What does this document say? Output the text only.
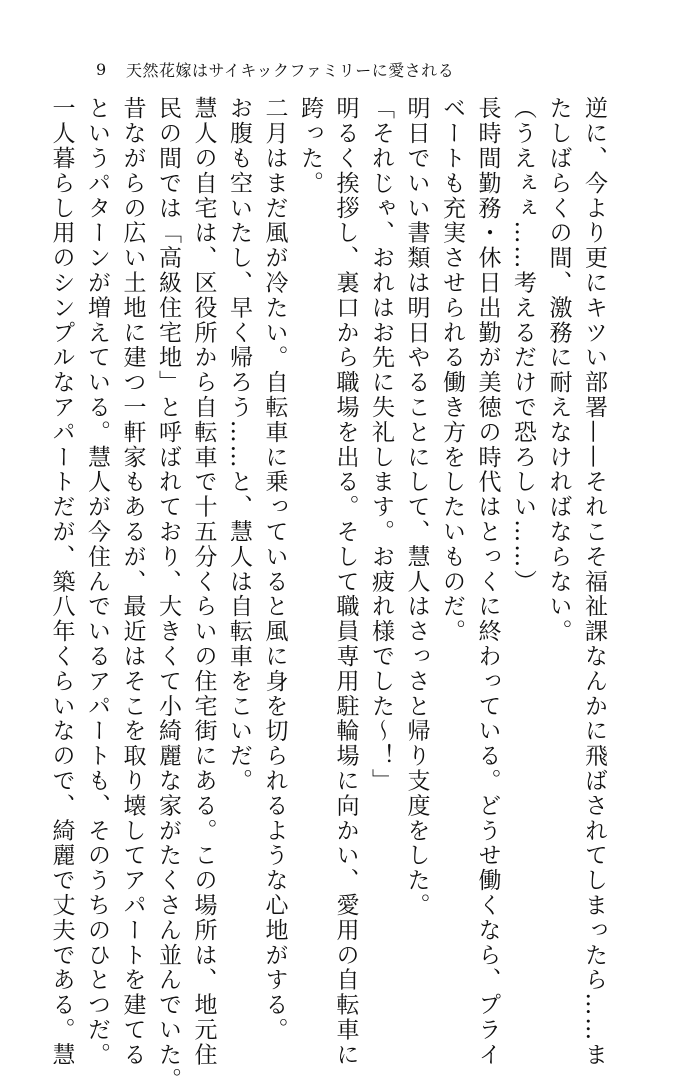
9	天然花嫁はサイキックファミリーに愛される

逆に、今より更にキツい部署——それこそ福祉課なんかに飛ばされてしまったら……ま

たしばらくの間、激務に耐えなければならない。

（うえぇぇ……考えるだけで恐ろしい……）

長時間勤務・休日出勤が美徳の時代はとっくに終わっている。どうせ働くなら、プライ

ベートも充実させられる働き方をしたいものだ。

明日でいい書類は明日やることにして、慧人はさっさと帰り支度をした。

「それじゃ、おれはお先に失礼します。お疲れ様でした～！」

明るく挨拶し、裏口から職場を出る。そして職員専用駐輪場に向かい、愛用の自転車に

跨った。

二月はまだ風が冷たい。自転車に乗っていると風に身を切られるような心地がする。

お腹も空いたし、早く帰ろう……と、慧人は自転車をこいだ。

慧人の自宅は、区役所から自転車で十五分くらいの住宅街にある。この場所は、地元住

民の間では「高級住宅地」と呼ばれており、大きくて小綺麗な家がたくさん並んでいた。

昔ながらの広い土地に建つ一軒家もあるが、最近はそこを取り壊してアパートを建てる

というパターンが増えている。慧人が今住んでいるアパートも、そのうちのひとつだ。

一人暮らし用のシンプルなアパートだが、築八年くらいなので、綺麗で丈夫である。慧
